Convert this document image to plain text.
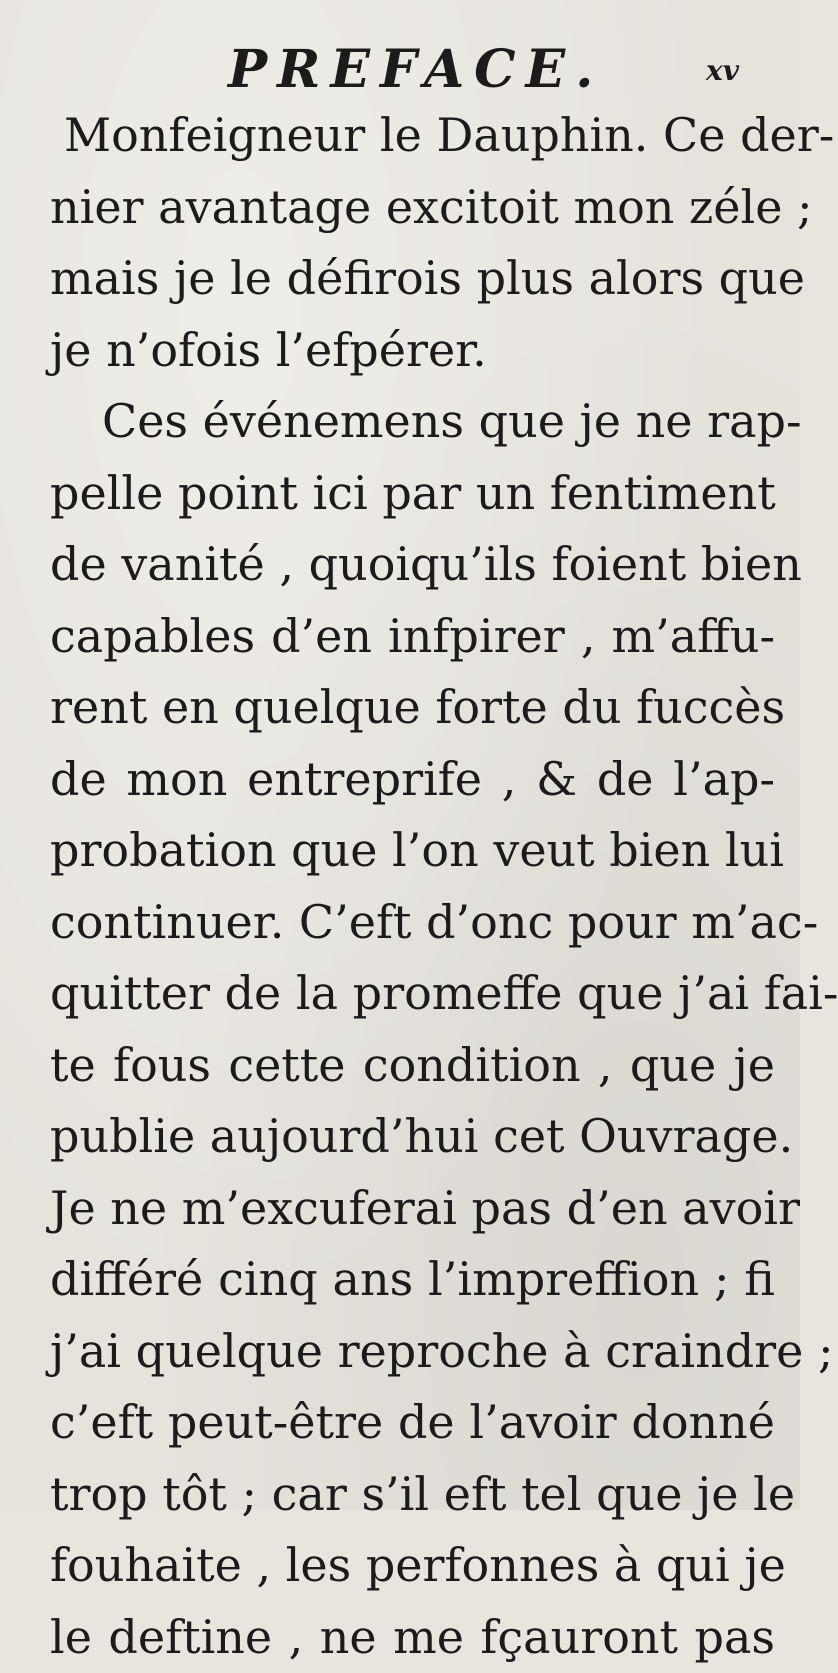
PREFACE.	xv
Monfeigneur le Dauphin. Ce der-
nier avantage excitoit mon zéle ;
mais je le défirois plus alors que
je n’ofois l’efpérer.
Ces événemens que je ne rap-
pelle point ici par un fentiment
de vanité , quoiqu’ils foient bien
capables d’en infpirer , m’affu-
rent en quelque forte du fuccès
de mon entreprife , & de l’ap-
probation que l’on veut bien lui
continuer. C’eft d’onc pour m’ac-
quitter de la promeffe que j’ai fai-
te fous cette condition , que je
publie aujourd’hui cet Ouvrage.
Je ne m’excuferai pas d’en avoir
différé cinq ans l’impreffion ; fi
j’ai quelque reproche à craindre ;
c’eft peut-être de l’avoir donné
trop tôt ; car s’il eft tel que je le
fouhaite , les perfonnes à qui je
le deftine , ne me fçauront pas
